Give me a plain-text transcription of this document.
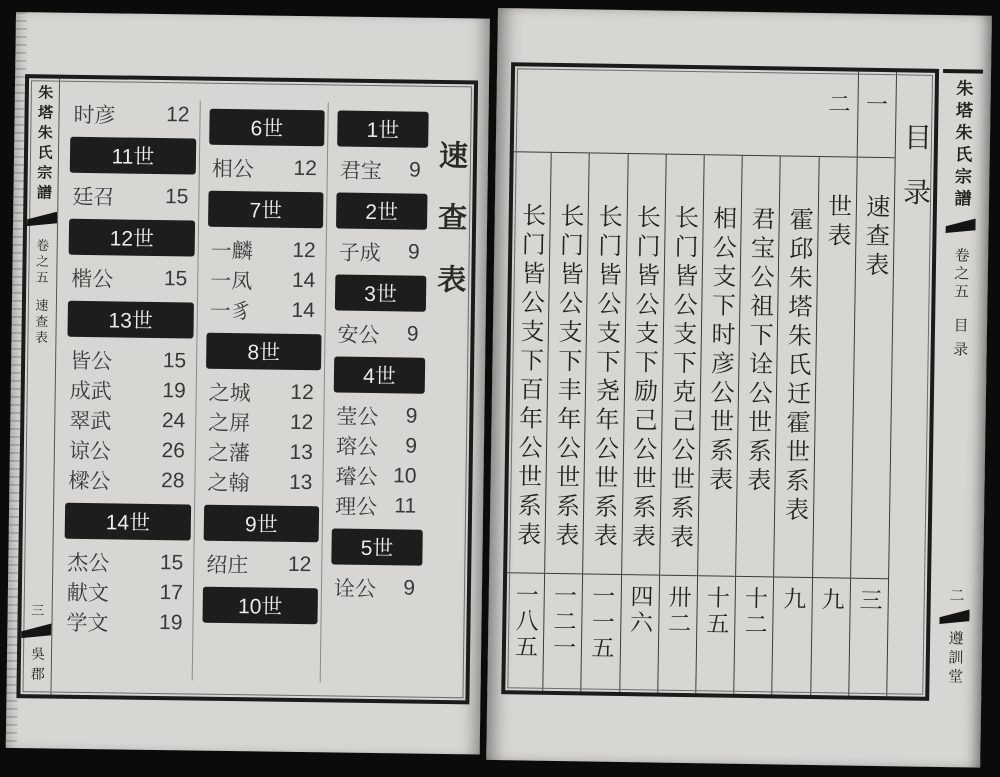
朱塔朱氏宗譜
卷之五
速查表
三
吳郡
时彦 12
11世
廷召 15
12世
楷公 15
13世
皆公 15
成武 19
翠武 24
谅公 26
樑公 28
14世
杰公 15
献文 17
学文 19
6世
相公 12
7世
一麟 12
一凤 14
一豸 14
8世
之城 12
之屏 12
之藩 13
之翰 13
9世
绍庄 12
10世
1世
君宝 9
2世
子成 9
3世
安公 9
4世
莹公 9
瑢公 9
璿公 10
理公 11
5世
诠公 9
速查表	目录
一
二
速查表
世表
霍邱朱塔朱氏迁霍世系表
君宝公祖下诠公世系表
相公支下时彦公世系表
长门皆公支下克己公世系表
长门皆公支下励己公世系表
长门皆公支下尧年公世系表
长门皆公支下丰年公世系表
长门皆公支下百年公世系表
三
九
九
十二
十五
卅二
四六
一一五
一二一
一八五
朱塔朱氏宗譜
卷之五
目录
二
遵訓堂
